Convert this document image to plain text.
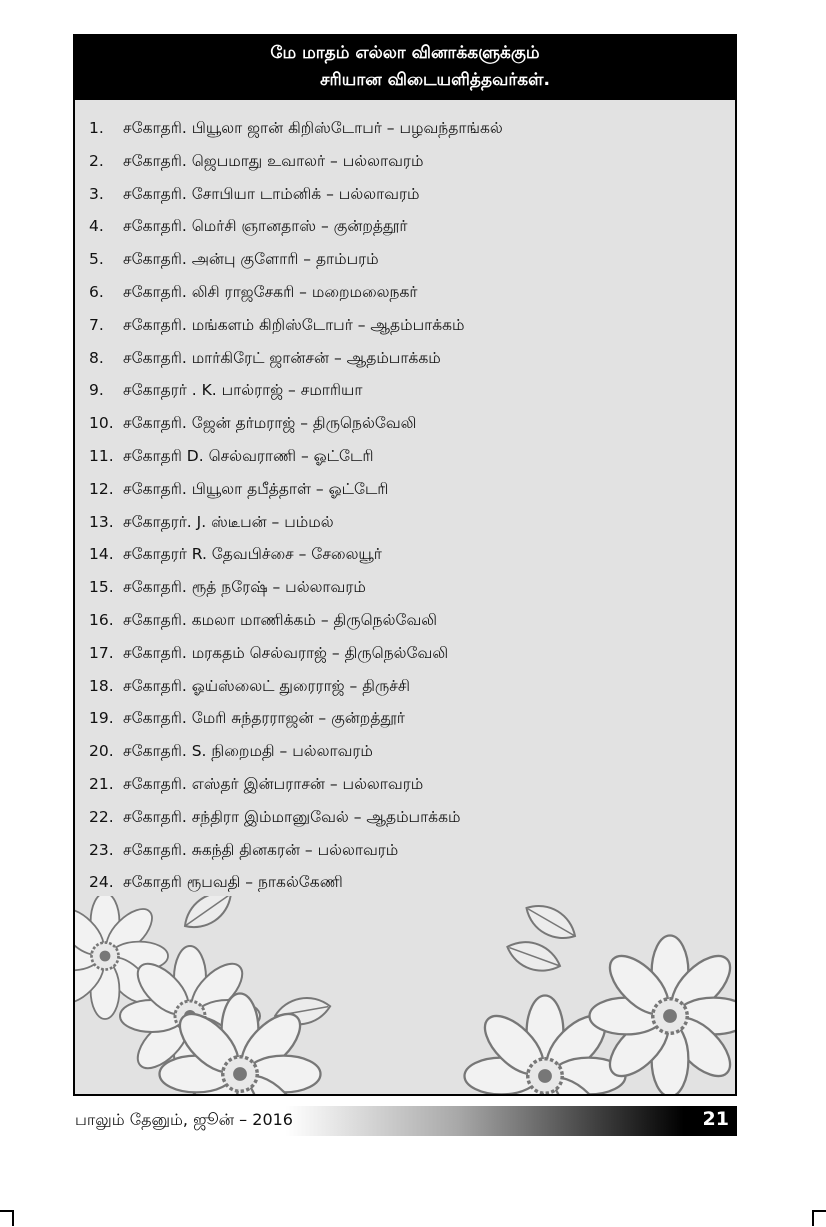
மே மாதம் எல்லா வினாக்களுக்கும்
சரியான விடையளித்தவர்கள்.
1. சகோதரி. பியூலா ஜான் கிறிஸ்டோபர் – பழவந்தாங்கல்
2. சகோதரி. ஜெபமாது உவாலர் – பல்லாவரம்
3. சகோதரி. சோபியா டாம்னிக் – பல்லாவரம்
4. சகோதரி. மெர்சி ஞானதாஸ் – குன்றத்தூர்
5. சகோதரி. அன்பு குளோரி – தாம்பரம்
6. சகோதரி. லிசி ராஜசேகரி – மறைமலைநகர்
7. சகோதரி. மங்களம் கிறிஸ்டோபர் – ஆதம்பாக்கம்
8. சகோதரி. மார்கிரேட் ஜான்சன் – ஆதம்பாக்கம்
9. சகோதரர் . K. பால்ராஜ் – சமாரியா
10. சகோதரி. ஜேன் தர்மராஜ் – திருநெல்வேலி
11. சகோதரி D. செல்வராணி – ஓட்டேரி
12. சகோதரி. பியூலா தபீத்தாள் – ஓட்டேரி
13. சகோதரர். J. ஸ்டீபன் – பம்மல்
14. சகோதரர் R. தேவபிச்சை – சேலையூர்
15. சகோதரி. ரூத் நரேஷ் – பல்லாவரம்
16. சகோதரி. கமலா மாணிக்கம் – திருநெல்வேலி
17. சகோதரி. மரகதம் செல்வராஜ் – திருநெல்வேலி
18. சகோதரி. ஓய்ஸ்லைட் துரைராஜ் – திருச்சி
19. சகோதரி. மேரி சுந்தரராஜன் – குன்றத்தூர்
20. சகோதரி. S. நிறைமதி – பல்லாவரம்
21. சகோதரி. எஸ்தர் இன்பராசன் – பல்லாவரம்
22. சகோதரி. சந்திரா இம்மானுவேல் – ஆதம்பாக்கம்
23. சகோதரி. சுகந்தி தினகரன் – பல்லாவரம்
24. சகோதரி ரூபவதி – நாகல்கேணி
பாலும் தேனும், ஜூன் – 2016	21
